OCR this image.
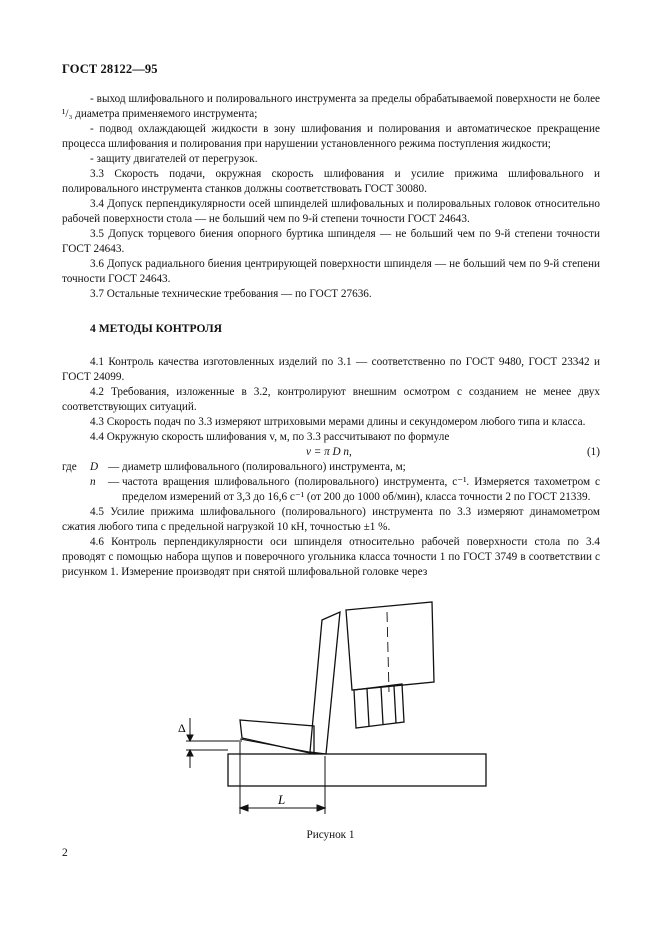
ГОСТ 28122—95

- выход шлифовального и полировального инструмента за пределы обрабатываемой поверхности не более ¹/₃ диаметра применяемого инструмента;

- подвод охлаждающей жидкости в зону шлифования и полирования и автоматическое прекращение процесса шлифования и полирования при нарушении установленного режима поступления жидкости;

- защиту двигателей от перегрузок.

3.3 Скорость подачи, окружная скорость шлифования и усилие прижима шлифовального и полировального инструмента станков должны соответствовать ГОСТ 30080.

3.4 Допуск перпендикулярности осей шпинделей шлифовальных и полировальных головок относительно рабочей поверхности стола — не больший чем по 9-й степени точности ГОСТ 24643.

3.5 Допуск торцевого биения опорного буртика шпинделя — не больший чем по 9-й степени точности ГОСТ 24643.

3.6 Допуск радиального биения центрирующей поверхности шпинделя — не больший чем по 9-й степени точности ГОСТ 24643.

3.7 Остальные технические требования — по ГОСТ 27636.

4 МЕТОДЫ КОНТРОЛЯ

4.1 Контроль качества изготовленных изделий по 3.1 — соответственно по ГОСТ 9480, ГОСТ 23342 и ГОСТ 24099.

4.2 Требования, изложенные в 3.2, контролируют внешним осмотром с созданием не менее двух соответствующих ситуаций.

4.3 Скорость подач по 3.3 измеряют штриховыми мерами длины и секундомером любого типа и класса.

4.4 Окружную скорость шлифования v, м, по 3.3 рассчитывают по формуле

v = π D n,	(1)
где	D — диаметр шлифовального (полировального) инструмента, м;
n	— частота вращения шлифовального (полировального) инструмента, с⁻¹. Измеряется тахометром с пределом измерений от 3,3 до 16,6 с⁻¹ (от 200 до 1000 об/мин), класса точности 2 по ГОСТ 21339.

4.5 Усилие прижима шлифовального (полировального) инструмента по 3.3 измеряют динамометром сжатия любого типа с предельной нагрузкой 10 кН, точностью ±1 %.

4.6 Контроль перпендикулярности оси шпинделя относительно рабочей поверхности стола по 3.4 проводят с помощью набора щупов и поверочного угольника класса точности 1 по ГОСТ 3749 в соответствии с рисунком 1. Измерение производят при снятой шлифовальной головке через

Δ
L
Рисунок 1
2
